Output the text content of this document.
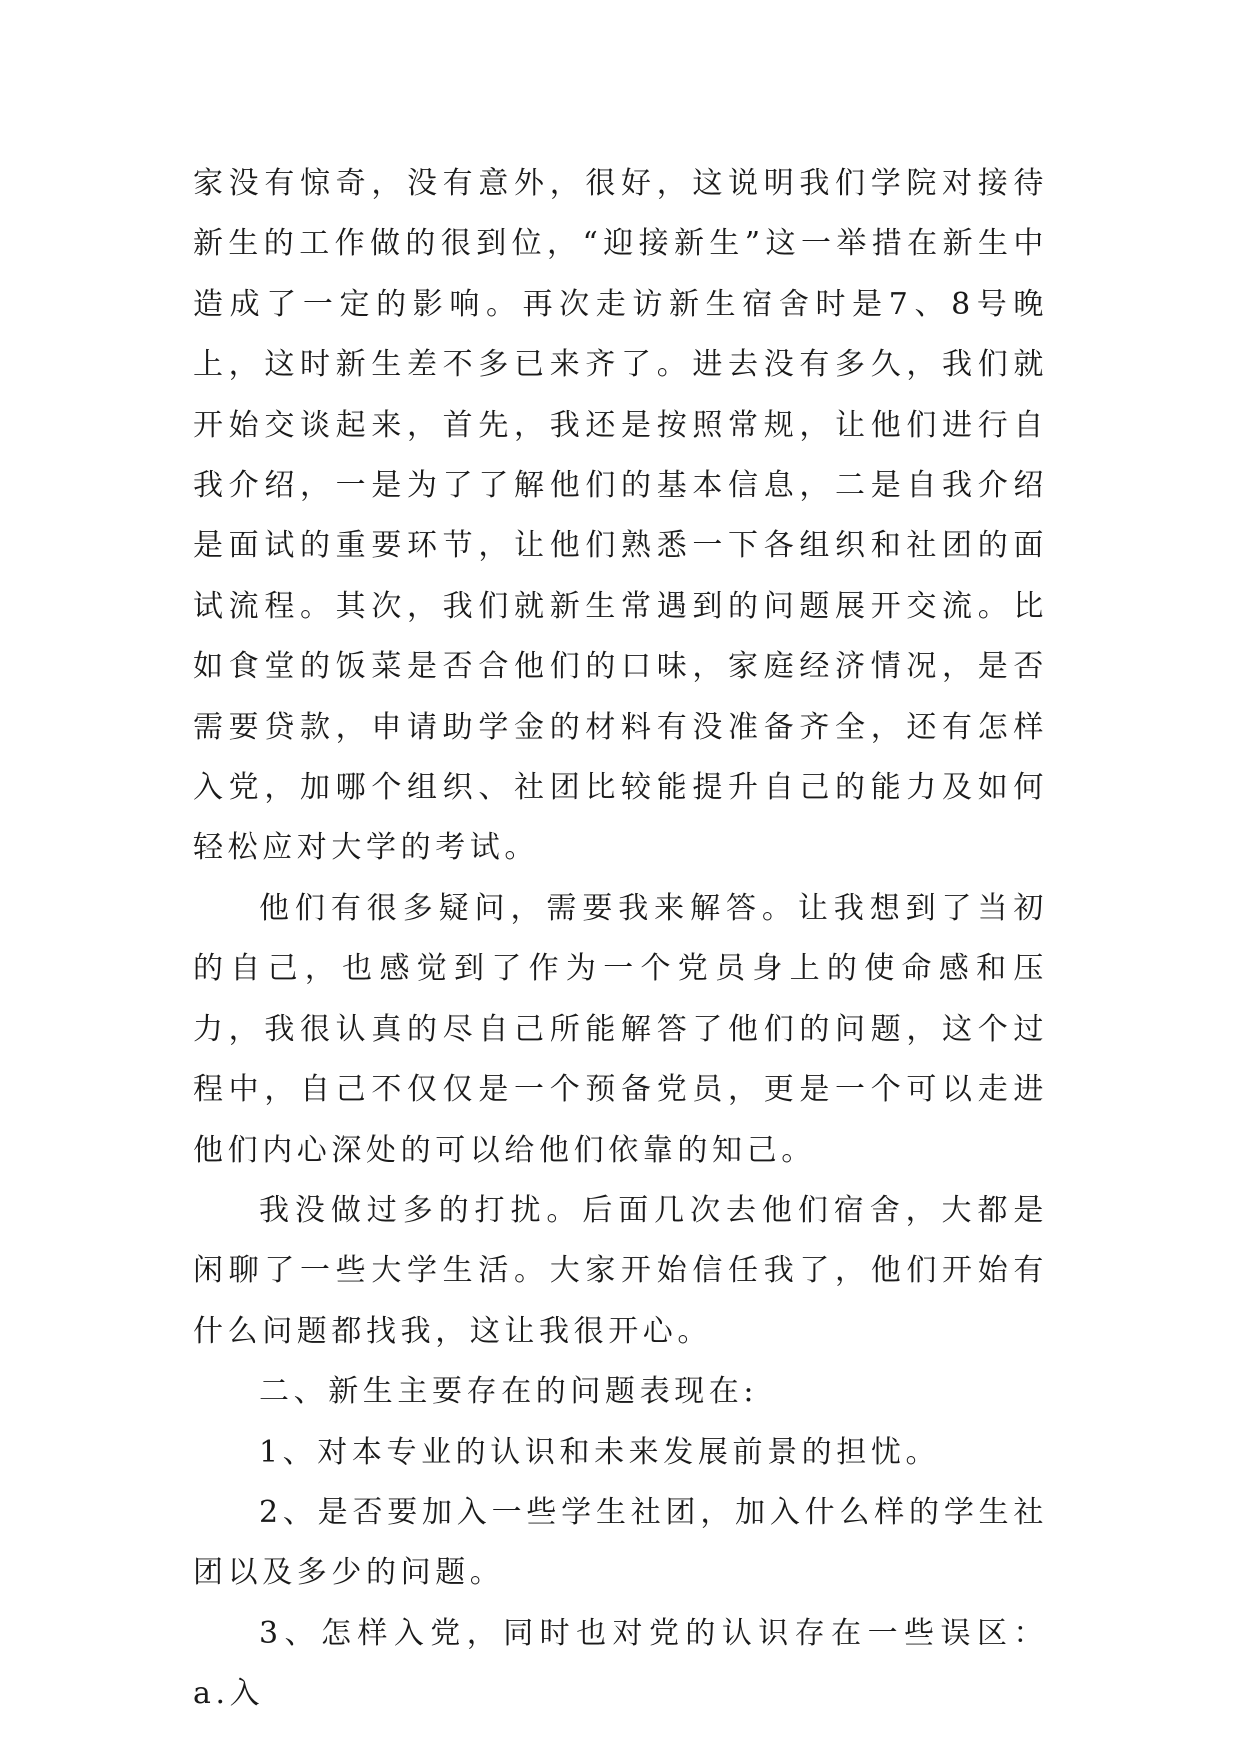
家没有惊奇，没有意外，很好，这说明我们学院对接待新生的工作做的很到位，“迎接新生”这一举措在新生中造成了一定的影响。再次走访新生宿舍时是7、8号晚上，这时新生差不多已来齐了。进去没有多久，我们就开始交谈起来，首先，我还是按照常规，让他们进行自我介绍，一是为了了解他们的基本信息，二是自我介绍是面试的重要环节，让他们熟悉一下各组织和社团的面试流程。其次，我们就新生常遇到的问题展开交流。比如食堂的饭菜是否合他们的口味，家庭经济情况，是否需要贷款，申请助学金的材料有没准备齐全，还有怎样入党，加哪个组织、社团比较能提升自己的能力及如何轻松应对大学的考试。

他们有很多疑问，需要我来解答。让我想到了当初的自己，也感觉到了作为一个党员身上的使命感和压力，我很认真的尽自己所能解答了他们的问题，这个过程中，自己不仅仅是一个预备党员，更是一个可以走进他们内心深处的可以给他们依靠的知己。

我没做过多的打扰。后面几次去他们宿舍，大都是闲聊了一些大学生活。大家开始信任我了，他们开始有什么问题都找我，这让我很开心。

二、新生主要存在的问题表现在:

1、对本专业的认识和未来发展前景的担忧。

2、是否要加入一些学生社团，加入什么样的学生社团以及多少的问题。

3、怎样入党，同时也对党的认识存在一些误区： a.入
